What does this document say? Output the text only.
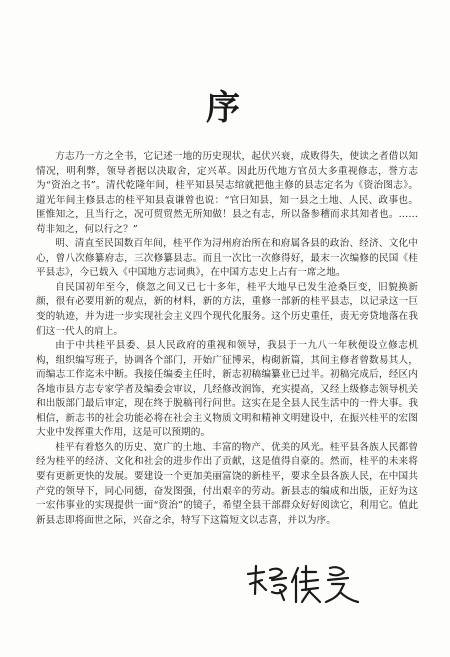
序

方志乃一方之全书，它记述一地的历史现状，起伏兴衰，成败得失，使读之者借以知情况，明利弊，领导者据以决取舍，定兴革。因此历代地方官员大多重视修志，誉方志为“资治之书”。清代乾隆年间，桂平知县吴志绾就把他主修的县志定名为《资治图志》。道光年间主修县志的桂平知县袁谦曾也说：“官曰知县，知一县之土地、人民、政事也。匪惟知之，且当行之，况可贸贸然无所知做！县之有志，所以备参稽而求其知者也。……苟非知之，何以行之？”

明、清直至民国数百年间，桂平作为浔州府治所在和府属各县的政治、经济、文化中心，曾八次修纂府志，三次修纂县志。而且一次比一次修得好，最末一次编修的民国《桂平县志》，今已载入《中国地方志词典》，在中国方志史上占有一席之地。

自民国初年至今，倏忽之间又已七十多年，桂平大地早已发生沧桑巨变，旧貌换新颜，很有必要用新的观点，新的材料，新的方法，重修一部新的桂平县志，以记录这一巨变的轨迹，并为进一步实现社会主义四个现代化服务。这个历史重任，责无旁贷地落在我们这一代人的肩上。

由于中共桂平县委、县人民政府的重视和领导，我县于一九八一年秋便设立修志机构，组织编写班子，协调各个部门，开始广征博采，构砌新篇，其间主修者曾数易其人，而编志工作迄未中断。我接任编委主任时，新志初稿编纂业已过半。初稿完成后，经区内各地市县方志专家学者及编委会审议，几经修改润饰，充实提高，又经上级修志领导机关和出版部门最后审定，现在终于脱稿刊行问世。这实在是全县人民生活中的一件大事。我相信，新志书的社会功能必将在社会主义物质文明和精神文明建设中，在振兴桂平的宏图大业中发挥重大作用，这是可以预期的。

桂平有着悠久的历史、宽广的土地、丰富的物产、优美的风光。桂平县各族人民都曾经为桂平的经济、文化和社会的进步作出了贡献，这是值得自豪的。然而，桂平的未来将要有更新更快的发展。要建设一个更加美丽富饶的新桂平，要求全县各族人民，在中国共产党的领导下，同心同德，奋发图强，付出艰辛的劳动。新县志的编成和出版，正好为这一宏伟事业的实现提供一面“资治”的镜子，希望全县干部群众好好阅读它，利用它。值此新县志即将面世之际，兴奋之余，特写下这篇短文以志喜，并以为序。
